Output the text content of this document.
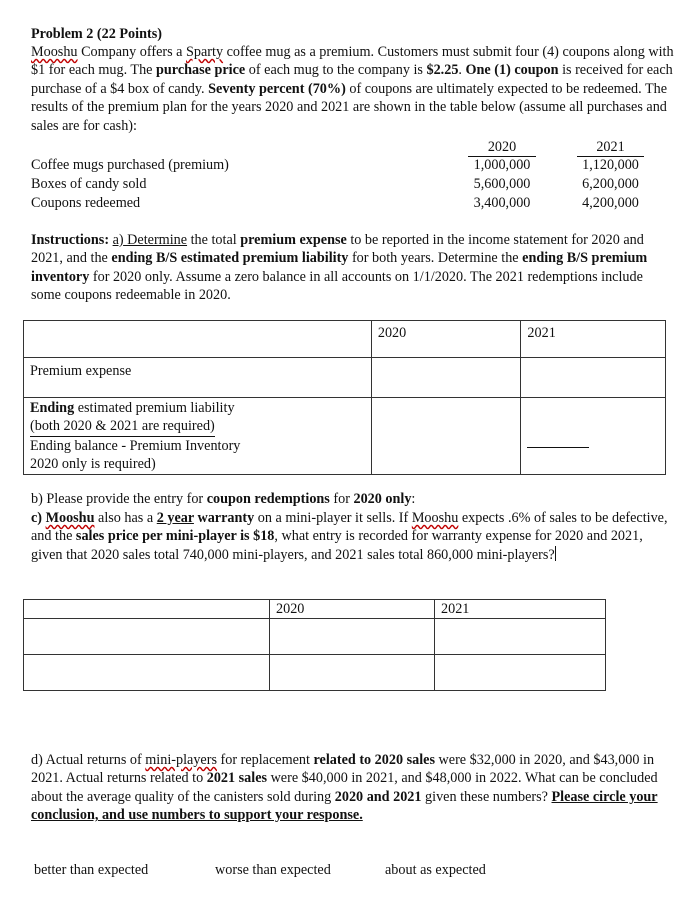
Problem 2 (22 Points)
Mooshu Company offers a Sparty coffee mug as a premium. Customers must submit four (4) coupons along with $1 for each mug. The purchase price of each mug to the company is $2.25. One (1) coupon is received for each purchase of a $4 box of candy. Seventy percent (70%) of coupons are ultimately expected to be redeemed. The results of the premium plan for the years 2020 and 2021 are shown in the table below (assume all purchases and sales are for cash):
2020	2021
Coffee mugs purchased (premium)	1,000,000	1,120,000
Boxes of candy sold	5,600,000	6,200,000
Coupons redeemed	3,400,000	4,200,000
Instructions: a) Determine the total premium expense to be reported in the income statement for 2020 and 2021, and the ending B/S estimated premium liability for both years. Determine the ending B/S premium inventory for 2020 only. Assume a zero balance in all accounts on 1/1/2020. The 2021 redemptions include some coupons redeemable in 2020.

	2020	2021

Premium expense		

Ending estimated premium liability
(both 2020 & 2021 are required)
Ending balance - Premium Inventory
2020 only is required)		

b) Please provide the entry for coupon redemptions for 2020 only:
c) Mooshu also has a 2 year warranty on a mini-player it sells. If Mooshu expects .6% of sales to be defective, and the sales price per mini-player is $18, what entry is recorded for warranty expense for 2020 and 2021, given that 2020 sales total 740,000 mini-players, and 2021 sales total 860,000 mini-players?

	2020	2021

d) Actual returns of mini-players for replacement related to 2020 sales were $32,000 in 2020, and $43,000 in 2021. Actual returns related to 2021 sales were $40,000 in 2021, and $48,000 in 2022. What can be concluded about the average quality of the canisters sold during 2020 and 2021 given these numbers? Please circle your conclusion, and use numbers to support your response.
better than expected	worse than expected	about as expected
